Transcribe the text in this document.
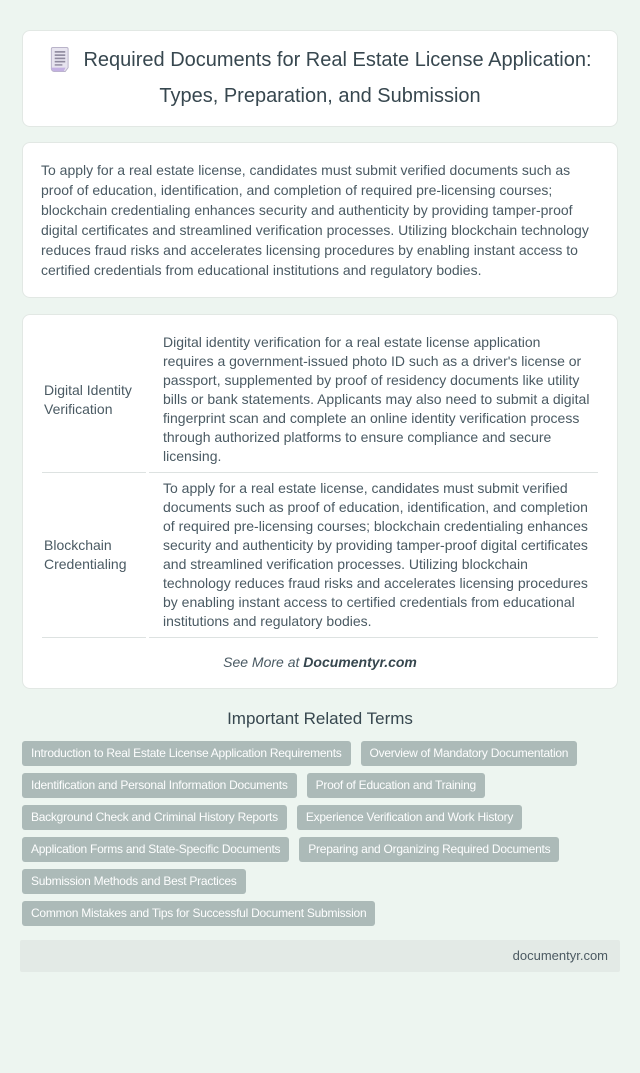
Required Documents for Real Estate License Application: Types, Preparation, and Submission

To apply for a real estate license, candidates must submit verified documents such as proof of education, identification, and completion of required pre-licensing courses; blockchain credentialing enhances security and authenticity by providing tamper-proof digital certificates and streamlined verification processes. Utilizing blockchain technology reduces fraud risks and accelerates licensing procedures by enabling instant access to certified credentials from educational institutions and regulatory bodies.

Digital Identity Verification	Digital identity verification for a real estate license application requires a government-issued photo ID such as a driver's license or passport, supplemented by proof of residency documents like utility bills or bank statements. Applicants may also need to submit a digital fingerprint scan and complete an online identity verification process through authorized platforms to ensure compliance and secure licensing.
Blockchain Credentialing	To apply for a real estate license, candidates must submit verified documents such as proof of education, identification, and completion of required pre-licensing courses; blockchain credentialing enhances security and authenticity by providing tamper-proof digital certificates and streamlined verification processes. Utilizing blockchain technology reduces fraud risks and accelerates licensing procedures by enabling instant access to certified credentials from educational institutions and regulatory bodies.
See More at Documentyr.com
Important Related Terms
Introduction to Real Estate License Application Requirements	Overview of Mandatory Documentation
Identification and Personal Information Documents	Proof of Education and Training
Background Check and Criminal History Reports	Experience Verification and Work History
Application Forms and State-Specific Documents	Preparing and Organizing Required Documents
Submission Methods and Best Practices
Common Mistakes and Tips for Successful Document Submission
documentyr.com
